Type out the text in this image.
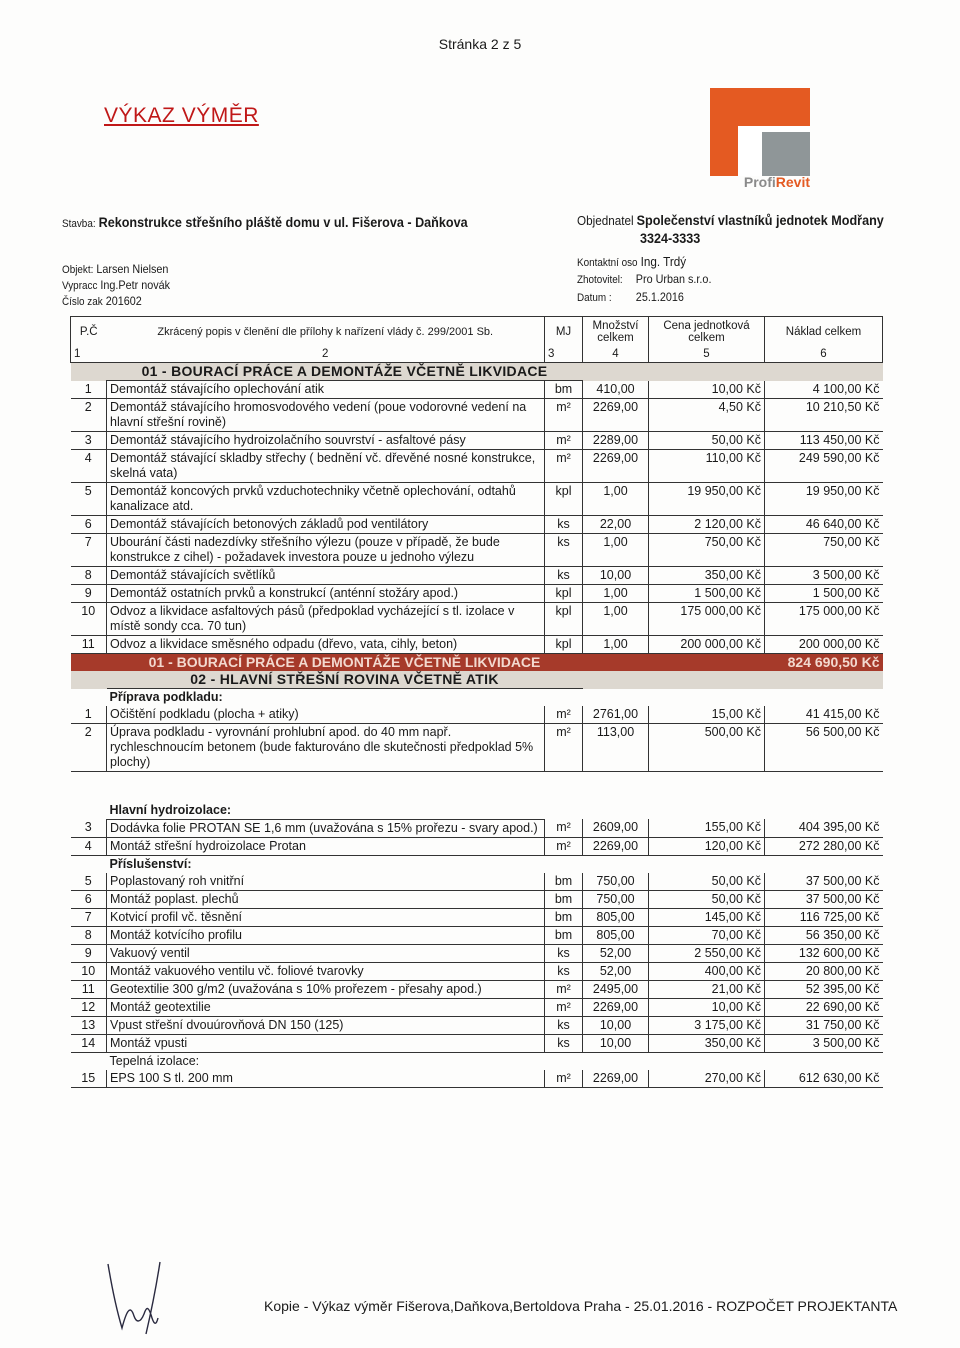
Stránka 2 z 5
VÝKAZ VÝMĚR
ProfiRevit
Stavba: Rekonstrukce střešního pláště domu v ul. Fišerova - Daňkova
Objekt: Larsen Nielsen
Vypracc Ing.Petr novák
Číslo zak 201602
Objednatel Společenství vlastníků jednotek Modřany
3324-3333
Kontaktní oso Ing. Trdý
Zhotovitel: Pro Urban s.r.o.
Datum : 25.1.2016
P.Č	Zkrácený popis v členění dle přílohy k nařízení vlády č. 299/2001 Sb.	MJ	Množství celkem	Cena jednotková celkem	Náklad celkem
1	2	3	4	5	6
	01 - BOURACÍ PRÁCE A DEMONTÁŽE VČETNĚ LIKVIDACE				
1	Demontáž stávajícího oplechování atik	bm	410,00	10,00 Kč	4 100,00 Kč
2	Demontáž stávajícího hromosvodového vedení (poue vodorovné vedení na hlavní střešní rovině)	m²	2269,00	4,50 Kč	10 210,50 Kč
3	Demontáž stávajícího hydroizolačního souvrství - asfaltové pásy	m²	2289,00	50,00 Kč	113 450,00 Kč
4	Demontáž stávající skladby střechy ( bednění vč. dřevěné nosné konstrukce, skelná vata)	m²	2269,00	110,00 Kč	249 590,00 Kč
5	Demontáž koncových prvků vzduchotechniky včetně oplechování, odtahů kanalizace atd.	kpl	1,00	19 950,00 Kč	19 950,00 Kč
6	Demontáž stávajících betonových základů pod ventilátory	ks	22,00	2 120,00 Kč	46 640,00 Kč
7	Ubourání části nadezdívky střešního výlezu (pouze v případě, že bude konstrukce z cihel) - požadavek investora pouze u jednoho výlezu	ks	1,00	750,00 Kč	750,00 Kč
8	Demontáž stávajících světlíků	ks	10,00	350,00 Kč	3 500,00 Kč
9	Demontáž ostatních prvků a konstrukcí (anténní stožáry apod.)	kpl	1,00	1 500,00 Kč	1 500,00 Kč
10	Odvoz a likvidace asfaltových pásů (předpoklad vycházející s tl. izolace v místě sondy cca. 70 tun)	kpl	1,00	175 000,00 Kč	175 000,00 Kč
11	Odvoz a likvidace směsného odpadu (dřevo, vata, cihly, beton)	kpl	1,00	200 000,00 Kč	200 000,00 Kč
	01 - BOURACÍ PRÁCE A DEMONTÁŽE VČETNĚ LIKVIDACE				824 690,50 Kč
	02 - HLAVNÍ STŘEŠNÍ ROVINA VČETNĚ ATIK				
	Příprava podkladu:				
1	Očištění podkladu (plocha + atiky)	m²	2761,00	15,00 Kč	41 415,00 Kč
2	Úprava podkladu - vyrovnání prohlubní apod. do 40 mm např. rychleschnoucím betonem (bude fakturováno dle skutečnosti předpoklad 5% plochy)	m²	113,00	500,00 Kč	56 500,00 Kč

	Hlavní hydroizolace:				
3	Dodávka folie PROTAN SE 1,6 mm (uvažována s 15% prořezu - svary apod.)	m²	2609,00	155,00 Kč	404 395,00 Kč
4	Montáž střešní hydroizolace Protan	m²	2269,00	120,00 Kč	272 280,00 Kč
	Příslušenství:				
5	Poplastovaný roh vnitřní	bm	750,00	50,00 Kč	37 500,00 Kč
6	Montáž poplast. plechů	bm	750,00	50,00 Kč	37 500,00 Kč
7	Kotvicí profil vč. těsnění	bm	805,00	145,00 Kč	116 725,00 Kč
8	Montáž kotvícího profilu	bm	805,00	70,00 Kč	56 350,00 Kč
9	Vakuový ventil	ks	52,00	2 550,00 Kč	132 600,00 Kč
10	Montáž vakuového ventilu vč. foliové tvarovky	ks	52,00	400,00 Kč	20 800,00 Kč
11	Geotextilie 300 g/m2 (uvažována s 10% prořezem - přesahy apod.)	m²	2495,00	21,00 Kč	52 395,00 Kč
12	Montáž geotextilie	m²	2269,00	10,00 Kč	22 690,00 Kč
13	Vpust střešní dvouúrovňová DN 150 (125)	ks	10,00	3 175,00 Kč	31 750,00 Kč
14	Montáž vpusti	ks	10,00	350,00 Kč	3 500,00 Kč
	Tepelná izolace:				
15	EPS 100 S tl. 200 mm	m²	2269,00	270,00 Kč	612 630,00 Kč
Kopie - Výkaz výměr Fišerova,Daňkova,Bertoldova Praha - 25.01.2016 - ROZPOČET PROJEKTANTA
